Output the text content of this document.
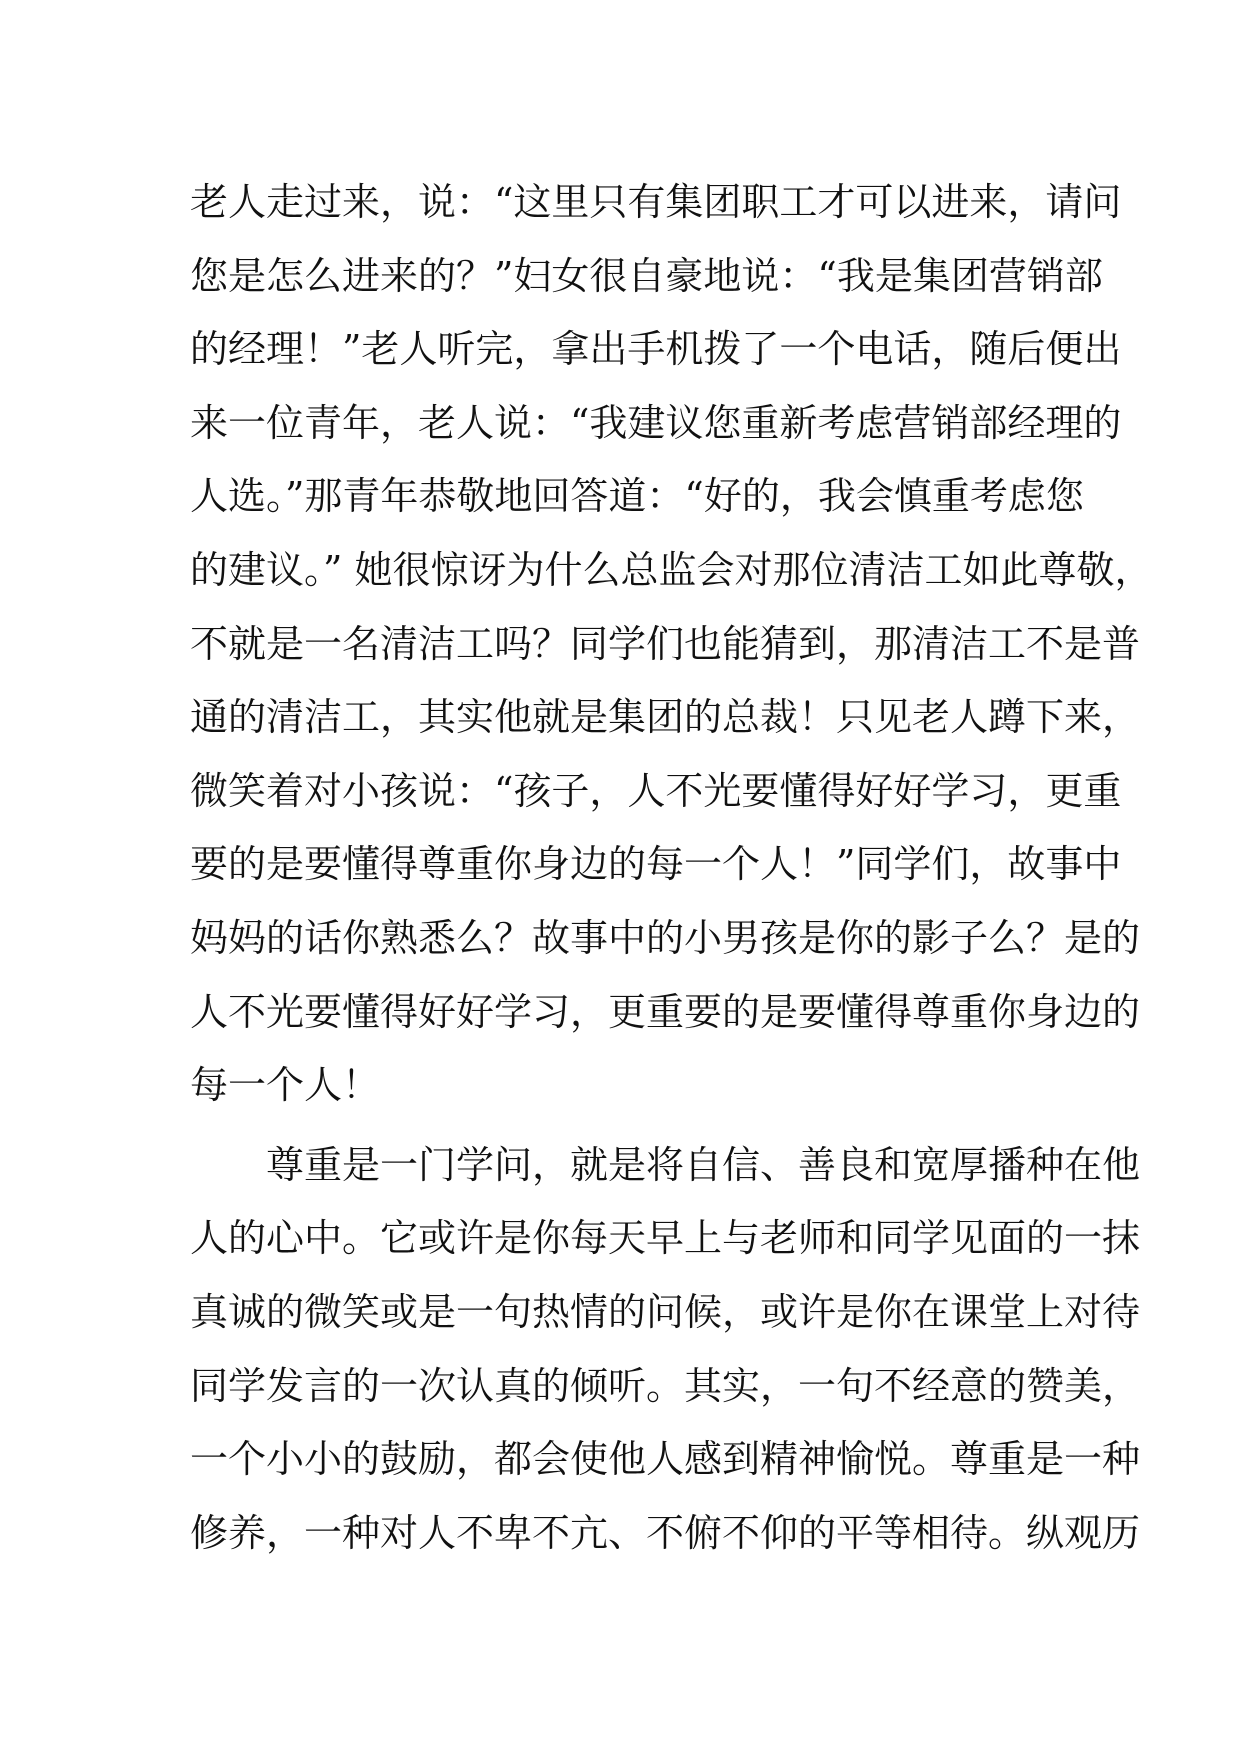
老人走过来，说：“这里只有集团职工才可以进来，请问
您是怎么进来的？”妇女很自豪地说：“我是集团营销部
的经理！”老人听完，拿出手机拨了一个电话，随后便出
来一位青年，老人说：“我建议您重新考虑营销部经理的
人选。”那青年恭敬地回答道：“好的，我会慎重考虑您
的建议。” 她很惊讶为什么总监会对那位清洁工如此尊敬，
不就是一名清洁工吗？同学们也能猜到，那清洁工不是普
通的清洁工，其实他就是集团的总裁！只见老人蹲下来，
微笑着对小孩说：“孩子，人不光要懂得好好学习，更重
要的是要懂得尊重你身边的每一个人！”同学们，故事中
妈妈的话你熟悉么？故事中的小男孩是你的影子么？是的
人不光要懂得好好学习，更重要的是要懂得尊重你身边的
每一个人！
　　尊重是一门学问，就是将自信、善良和宽厚播种在他
人的心中。它或许是你每天早上与老师和同学见面的一抹
真诚的微笑或是一句热情的问候，或许是你在课堂上对待
同学发言的一次认真的倾听。其实，一句不经意的赞美，
一个小小的鼓励，都会使他人感到精神愉悦。尊重是一种
修养，一种对人不卑不亢、不俯不仰的平等相待。纵观历
